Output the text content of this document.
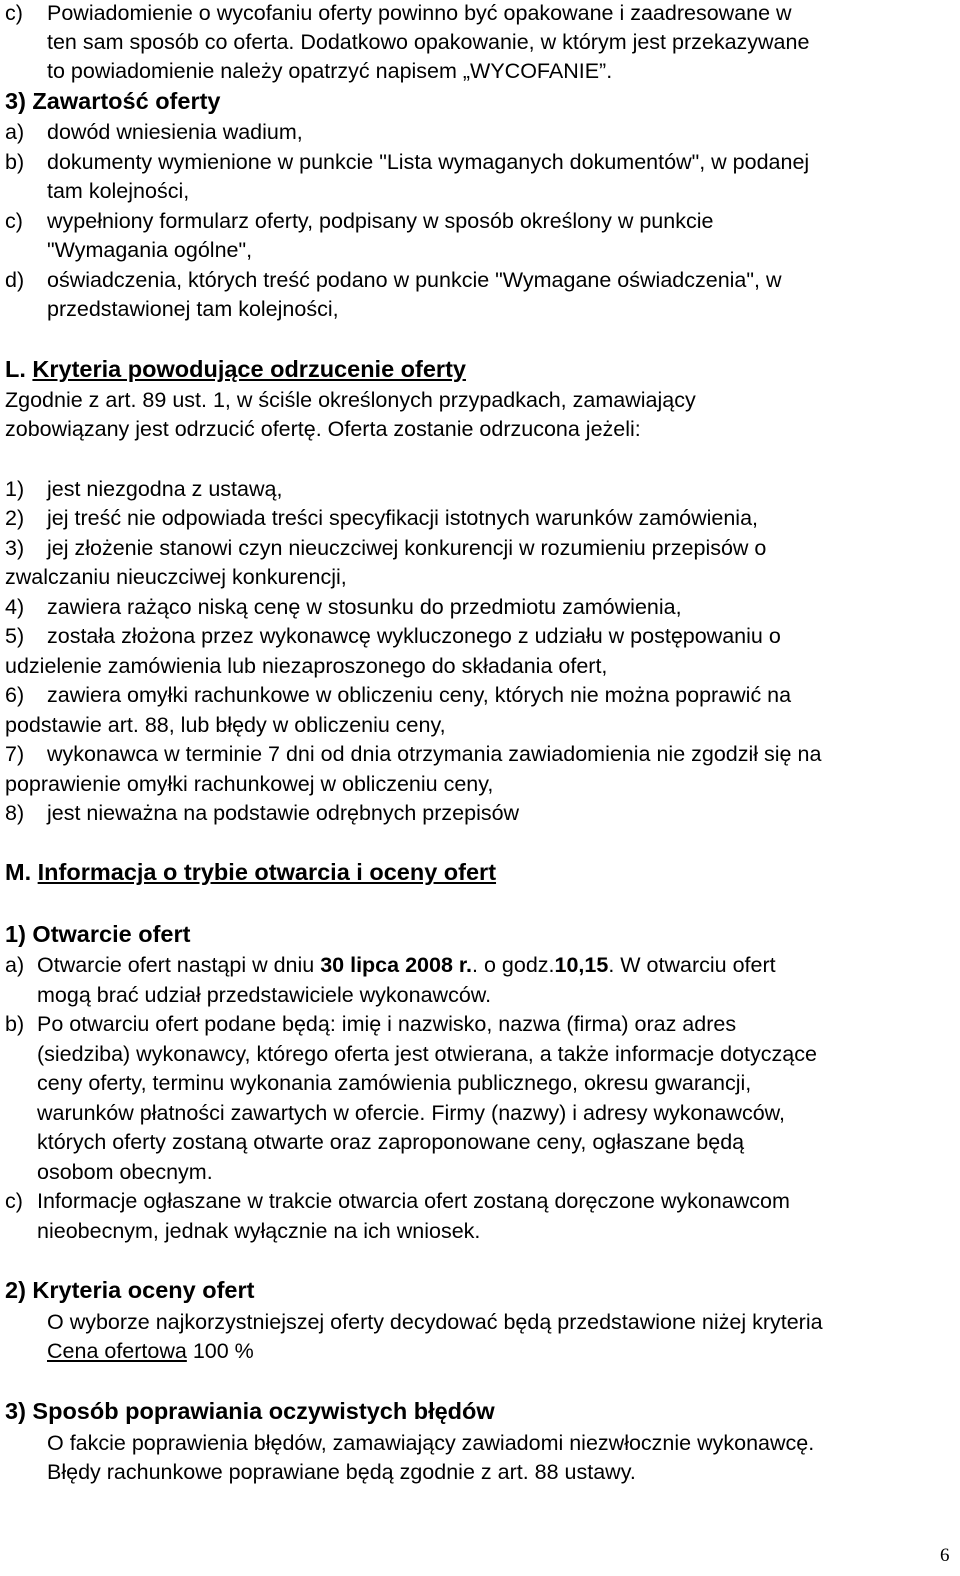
c) Powiadomienie o wycofaniu oferty powinno być opakowane i zaadresowane w
ten sam sposób co oferta. Dodatkowo opakowanie, w którym jest przekazywane
to powiadomienie należy opatrzyć napisem „WYCOFANIE”.
3) Zawartość oferty
a) dowód wniesienia wadium,
b) dokumenty wymienione w punkcie "Lista wymaganych dokumentów", w podanej
tam kolejności,
c) wypełniony formularz oferty, podpisany w sposób określony w punkcie
"Wymagania ogólne",
d) oświadczenia, których treść podano w punkcie "Wymagane oświadczenia", w
przedstawionej tam kolejności,
L. Kryteria powodujące odrzucenie oferty
Zgodnie z art. 89 ust. 1, w ściśle określonych przypadkach, zamawiający
zobowiązany jest odrzucić ofertę. Oferta zostanie odrzucona jeżeli:
1) jest niezgodna z ustawą,
2) jej treść nie odpowiada treści specyfikacji istotnych warunków zamówienia,
3) jej złożenie stanowi czyn nieuczciwej konkurencji w rozumieniu przepisów o
zwalczaniu nieuczciwej konkurencji,
4) zawiera rażąco niską cenę w stosunku do przedmiotu zamówienia,
5) została złożona przez wykonawcę wykluczonego z udziału w postępowaniu o
udzielenie zamówienia lub niezaproszonego do składania ofert,
6) zawiera omyłki rachunkowe w obliczeniu ceny, których nie można poprawić na
podstawie art. 88, lub błędy w obliczeniu ceny,
7) wykonawca w terminie 7 dni od dnia otrzymania zawiadomienia nie zgodził się na
poprawienie omyłki rachunkowej w obliczeniu ceny,
8) jest nieważna na podstawie odrębnych przepisów
M. Informacja o trybie otwarcia i oceny ofert
1) Otwarcie ofert
a) Otwarcie ofert nastąpi w dniu 30 lipca 2008 r.. o godz.10,15. W otwarciu ofert
mogą brać udział przedstawiciele wykonawców.
b) Po otwarciu ofert podane będą: imię i nazwisko, nazwa (firma) oraz adres
(siedziba) wykonawcy, którego oferta jest otwierana, a także informacje dotyczące
ceny oferty, terminu wykonania zamówienia publicznego, okresu gwarancji,
warunków płatności zawartych w ofercie. Firmy (nazwy) i adresy wykonawców,
których oferty zostaną otwarte oraz zaproponowane ceny, ogłaszane będą
osobom obecnym.
c) Informacje ogłaszane w trakcie otwarcia ofert zostaną doręczone wykonawcom
nieobecnym, jednak wyłącznie na ich wniosek.
2) Kryteria oceny ofert
O wyborze najkorzystniejszej oferty decydować będą przedstawione niżej kryteria
Cena ofertowa 100 %
3) Sposób poprawiania oczywistych błędów
O fakcie poprawienia błędów, zamawiający zawiadomi niezwłocznie wykonawcę.
Błędy rachunkowe poprawiane będą zgodnie z art. 88 ustawy.
6
